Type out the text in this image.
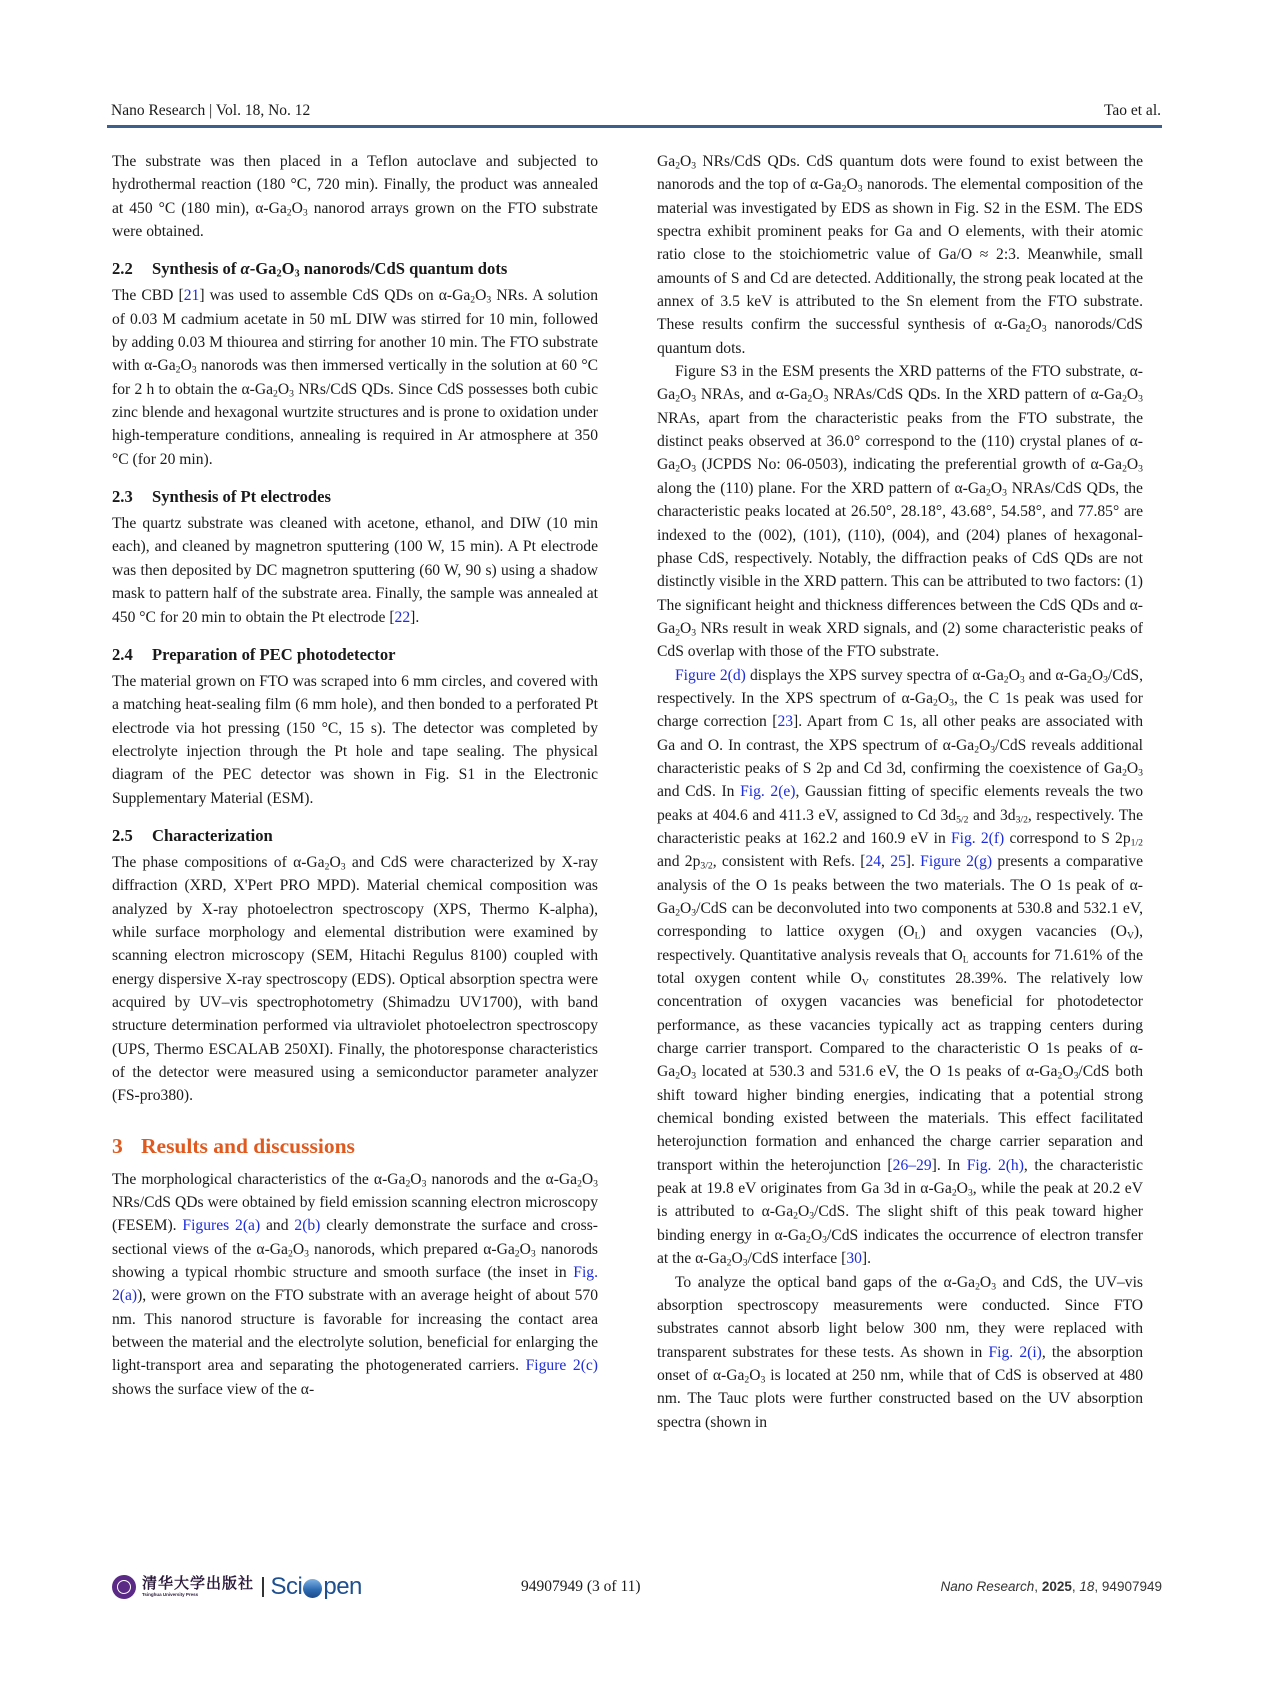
Nano Research | Vol. 18, No. 12	Tao et al.

The substrate was then placed in a Teflon autoclave and subjected to hydrothermal reaction (180 °C, 720 min). Finally, the product was annealed at 450 °C (180 min), $\alpha-Ga_2O_3$ nanorod arrays grown on the FTO substrate were obtained.

2.2 Synthesis of $\alpha-Ga_2O_3$ nanorods/CdS quantum dots

The CBD [21] was used to assemble CdS QDs on $\alpha-Ga_2O_3$ NRs. A solution of 0.03 M cadmium acetate in 50 mL DIW was stirred for 10 min, followed by adding 0.03 M thiourea and stirring for another 10 min. The FTO substrate with $\alpha-Ga_2O_3$ nanorods was then immersed vertically in the solution at 60 °C for 2 h to obtain the $\alpha-Ga_2O_3$ NRs/CdS QDs. Since CdS possesses both cubic zinc blende and hexagonal wurtzite structures and is prone to oxidation under high-temperature conditions, annealing is required in Ar atmosphere at 350 °C (for 20 min).

2.3 Synthesis of Pt electrodes

The quartz substrate was cleaned with acetone, ethanol, and DIW (10 min each), and cleaned by magnetron sputtering (100 W, 15 min). A Pt electrode was then deposited by DC magnetron sputtering (60 W, 90 s) using a shadow mask to pattern half of the substrate area. Finally, the sample was annealed at 450 °C for 20 min to obtain the Pt electrode [22].

2.4 Preparation of PEC photodetector

The material grown on FTO was scraped into 6 mm circles, and covered with a matching heat-sealing film (6 mm hole), and then bonded to a perforated Pt electrode via hot pressing (150 °C, 15 s). The detector was completed by electrolyte injection through the Pt hole and tape sealing. The physical diagram of the PEC detector was shown in Fig. S1 in the Electronic Supplementary Material (ESM).

2.5 Characterization

The phase compositions of $\alpha-Ga_2O_3$ and CdS were characterized by X-ray diffraction (XRD, X'Pert PRO MPD). Material chemical composition was analyzed by X-ray photoelectron spectroscopy (XPS, Thermo K-alpha), while surface morphology and elemental distribution were examined by scanning electron microscopy (SEM, Hitachi Regulus 8100) coupled with energy dispersive X-ray spectroscopy (EDS). Optical absorption spectra were acquired by UV–vis spectrophotometry (Shimadzu UV1700), with band structure determination performed via ultraviolet photoelectron spectroscopy (UPS, Thermo ESCALAB 250XI). Finally, the photoresponse characteristics of the detector were measured using a semiconductor parameter analyzer (FS-pro380).

3 Results and discussions

The morphological characteristics of the $\alpha-Ga_2O_3$ nanorods and the $\alpha-Ga_2O_3$ NRs/CdS QDs were obtained by field emission scanning electron microscopy (FESEM). Figures 2(a) and 2(b) clearly demonstrate the surface and cross-sectional views of the $\alpha-Ga_2O_3$ nanorods, which prepared $\alpha-Ga_2O_3$ nanorods showing a typical rhombic structure and smooth surface (the inset in Fig. 2(a)), were grown on the FTO substrate with an average height of about 570 nm. This nanorod structure is favorable for increasing the contact area between the material and the electrolyte solution, beneficial for enlarging the light-transport area and separating the photogenerated carriers. Figure 2(c) shows the surface view of the α-

$Ga_2O_3$ NRs/CdS QDs. CdS quantum dots were found to exist between the nanorods and the top of $\alpha-Ga_2O_3$ nanorods. The elemental composition of the material was investigated by EDS as shown in Fig. S2 in the ESM. The EDS spectra exhibit prominent peaks for Ga and O elements, with their atomic ratio close to the stoichiometric value of Ga/O ≈ 2:3. Meanwhile, small amounts of S and Cd are detected. Additionally, the strong peak located at the annex of 3.5 keV is attributed to the Sn element from the FTO substrate. These results confirm the successful synthesis of $\alpha-Ga_2O_3$ nanorods/CdS quantum dots.

Figure S3 in the ESM presents the XRD patterns of the FTO substrate, $\alpha-Ga_2O_3$ NRAs, and $\alpha-Ga_2O_3$ NRAs/CdS QDs. In the XRD pattern of $\alpha-Ga_2O_3$ NRAs, apart from the characteristic peaks from the FTO substrate, the distinct peaks observed at 36.0° correspond to the (110) crystal planes of $\alpha-Ga_2O_3$ (JCPDS No: 06-0503), indicating the preferential growth of $\alpha-Ga_2O_3$ along the (110) plane. For the XRD pattern of $\alpha-Ga_2O_3$ NRAs/CdS QDs, the characteristic peaks located at 26.50°, 28.18°, 43.68°, 54.58°, and 77.85° are indexed to the (002), (101), (110), (004), and (204) planes of hexagonal-phase CdS, respectively. Notably, the diffraction peaks of CdS QDs are not distinctly visible in the XRD pattern. This can be attributed to two factors: (1) The significant height and thickness differences between the CdS QDs and $\alpha-Ga_2O_3$ NRs result in weak XRD signals, and (2) some characteristic peaks of CdS overlap with those of the FTO substrate.

Figure 2(d) displays the XPS survey spectra of $\alpha-Ga_2O_3$ and $\alpha-Ga_2O_3$/CdS, respectively. In the XPS spectrum of $\alpha-Ga_2O_3$, the C 1s peak was used for charge correction [23]. Apart from C 1s, all other peaks are associated with Ga and O. In contrast, the XPS spectrum of $\alpha-Ga_2O_3$/CdS reveals additional characteristic peaks of S 2p and Cd 3d, confirming the coexistence of $Ga_2O_3$ and CdS. In Fig. 2(e), Gaussian fitting of specific elements reveals the two peaks at 404.6 and 411.3 eV, assigned to Cd $3d_{5/2}$ and $3d_{3/2}$, respectively. The characteristic peaks at 162.2 and 160.9 eV in Fig. 2(f) correspond to S $2p_{1/2}$ and $2p_{3/2}$, consistent with Refs. [24, 25]. Figure 2(g) presents a comparative analysis of the O 1s peaks between the two materials. The O 1s peak of $\alpha-Ga_2O_3$/CdS can be deconvoluted into two components at 530.8 and 532.1 eV, corresponding to lattice oxygen $(O_L)$ and oxygen vacancies $(O_V)$, respectively. Quantitative analysis reveals that $O_L$ accounts for 71.61% of the total oxygen content while $O_V$ constitutes 28.39%. The relatively low concentration of oxygen vacancies was beneficial for photodetector performance, as these vacancies typically act as trapping centers during charge carrier transport. Compared to the characteristic O 1s peaks of $\alpha-Ga_2O_3$ located at 530.3 and 531.6 eV, the O 1s peaks of $\alpha-Ga_2O_3$/CdS both shift toward higher binding energies, indicating that a potential strong chemical bonding existed between the materials. This effect facilitated heterojunction formation and enhanced the charge carrier separation and transport within the heterojunction [26–29]. In Fig. 2(h), the characteristic peak at 19.8 eV originates from Ga 3d in $\alpha-Ga_2O_3$, while the peak at 20.2 eV is attributed to $\alpha-Ga_2O_3$/CdS. The slight shift of this peak toward higher binding energy in $\alpha-Ga_2O_3$/CdS indicates the occurrence of electron transfer at the $\alpha-Ga_2O_3$/CdS interface [30].

To analyze the optical band gaps of the $\alpha-Ga_2O_3$ and CdS, the UV–vis absorption spectroscopy measurements were conducted. Since FTO substrates cannot absorb light below 300 nm, they were replaced with transparent substrates for these tests. As shown in Fig. 2(i), the absorption onset of $\alpha-Ga_2O_3$ is located at 250 nm, while that of CdS is observed at 480 nm. The Tauc plots were further constructed based on the UV absorption spectra (shown in

清华大学出版社
Tsinghua University Press	Sci pen	94907949 (3 of 11)	Nano Research, 2025, 18, 94907949
